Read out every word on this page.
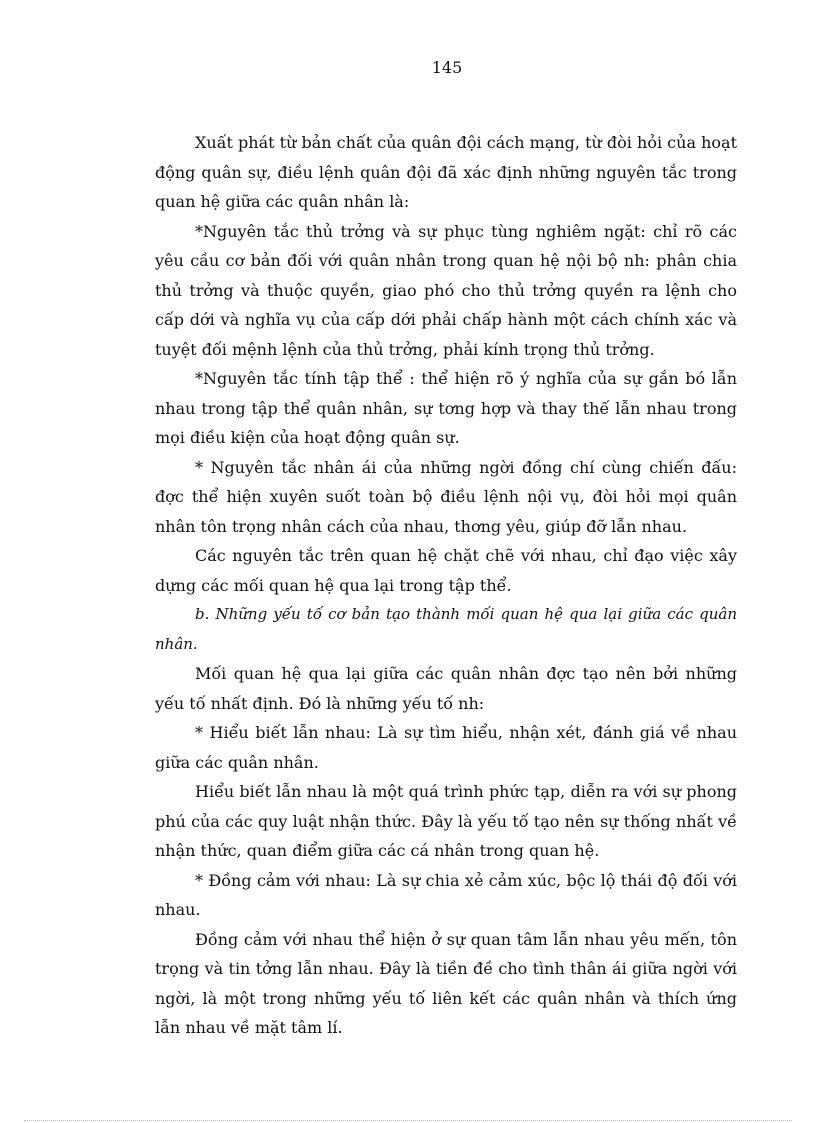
145

Xuất phát từ bản chất của quân đội cách mạng, từ đòi hỏi của hoạt động quân sự, điều lệnh quân đội đã xác định những nguyên tắc trong quan hệ giữa các quân nhân là:

*Nguyên tắc thủ trởng và sự phục tùng nghiêm ngặt: chỉ rõ các yêu cầu cơ bản đối với quân nhân trong quan hệ nội bộ nh: phân chia thủ trởng và thuộc quyền, giao phó cho thủ trởng quyền ra lệnh cho cấp dới và nghĩa vụ của cấp dới phải chấp hành một cách chính xác và tuyệt đối mệnh lệnh của thủ trởng, phải kính trọng thủ trởng.

*Nguyên tắc tính tập thể : thể hiện rõ ý nghĩa của sự gắn bó lẫn nhau trong tập thể quân nhân, sự tơng hợp và thay thế lẫn nhau trong mọi điều kiện của hoạt động quân sự.

* Nguyên tắc nhân ái của những ngời đồng chí cùng chiến đấu: đợc thể hiện xuyên suốt toàn bộ điều lệnh nội vụ, đòi hỏi mọi quân nhân tôn trọng nhân cách của nhau, thơng yêu, giúp đỡ lẫn nhau.

Các nguyên tắc trên quan hệ chặt chẽ với nhau, chỉ đạo việc xây dựng các mối quan hệ qua lại trong tập thể.

b. Những yếu tố cơ bản tạo thành mối quan hệ qua lại giữa các quân nhân.

Mối quan hệ qua lại giữa các quân nhân đợc tạo nên bởi những yếu tố nhất định. Đó là những yếu tố nh:

* Hiểu biết lẫn nhau: Là sự tìm hiểu, nhận xét, đánh giá về nhau giữa các quân nhân.

Hiểu biết lẫn nhau là một quá trình phức tạp, diễn ra với sự phong phú của các quy luật nhận thức. Đây là yếu tố tạo nên sự thống nhất về nhận thức, quan điểm giữa các cá nhân trong quan hệ.

* Đồng cảm với nhau: Là sự chia xẻ cảm xúc, bộc lộ thái độ đối với nhau.

Đồng cảm với nhau thể hiện ở sự quan tâm lẫn nhau yêu mến, tôn trọng và tin tởng lẫn nhau. Đây là tiền đề cho tình thân ái giữa ngời với ngời, là một trong những yếu tố liên kết các quân nhân và thích ứng lẫn nhau về mặt tâm lí.
